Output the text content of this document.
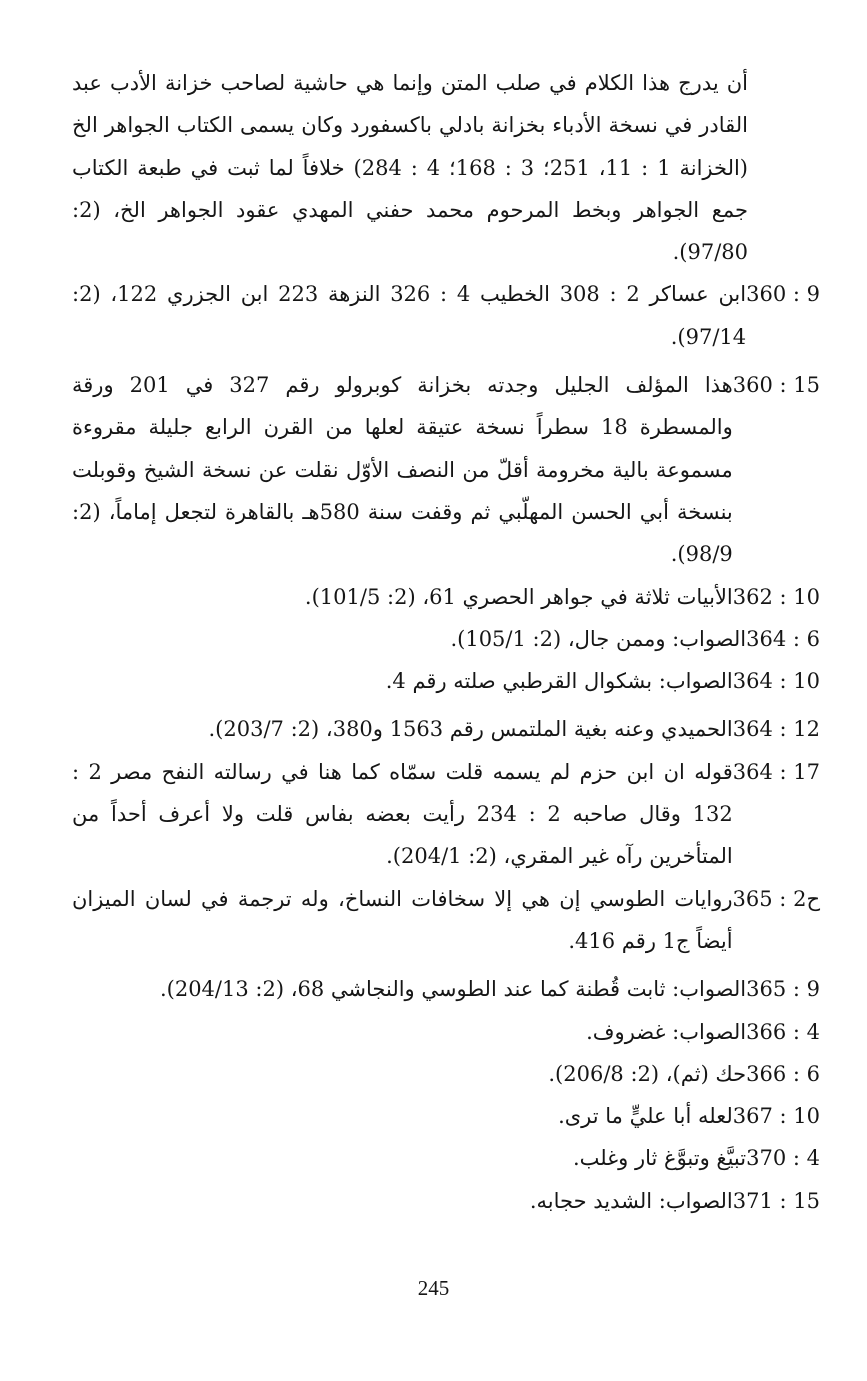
أن يدرج هذا الكلام في صلب المتن وإنما هي حاشية لصاحب خزانة الأدب عبد القادر في نسخة الأدباء بخزانة بادلي باكسفورد وكان يسمى الكتاب الجواهر الخ (الخزانة 1 : 11، 251؛ 3 : 168؛ 4 : 284) خلافاً لما ثبت في طبعة الكتاب جمع الجواهر وبخط المرحوم محمد حفني المهدي عقود الجواهر الخ، (2: 97/80).
360 : 9
ابن عساكر 2 : 308 الخطيب 4 : 326 النزهة 223 ابن الجزري 122، (2: 97/14).
360 : 15
هذا المؤلف الجليل وجدته بخزانة كوبرولو رقم 327 في 201 ورقة والمسطرة 18 سطراً نسخة عتيقة لعلها من القرن الرابع جليلة مقروءة مسموعة بالية مخرومة أقلّ من النصف الأوّل نقلت عن نسخة الشيخ وقوبلت بنسخة أبي الحسن المهلّبي ثم وقفت سنة 580هـ بالقاهرة لتجعل إماماً، (2: 98/9).
362 : 10
الأبيات ثلاثة في جواهر الحصري 61، (2: 101/5).
364 : 6
الصواب: وممن جال، (2: 105/1).
364 : 10
الصواب: بشكوال القرطبي صلته رقم 4.
364 : 12
الحميدي وعنه بغية الملتمس رقم 1563 و380، (2: 203/7).
364 : 17
قوله ان ابن حزم لم يسمه قلت سمّاه كما هنا في رسالته النفح مصر 2 : 132 وقال صاحبه 2 : 234 رأيت بعضه بفاس قلت ولا أعرف أحداً من المتأخرين رآه غير المقري، (2: 204/1).
365 : ح2
روايات الطوسي إن هي إلا سخافات النساخ، وله ترجمة في لسان الميزان أيضاً ج1 رقم 416.
365 : 9
الصواب: ثابت قُطنة كما عند الطوسي والنجاشي 68، (2: 204/13).
366 : 4
الصواب: غضروف.
366 : 6
حك (ثم)، (2: 206/8).
367 : 10
لعله أبا عليٍّ ما ترى.
370 : 4
تبيَّغ وتبوَّغ ثار وغلب.
371 : 15
الصواب: الشديد حجابه.
245
